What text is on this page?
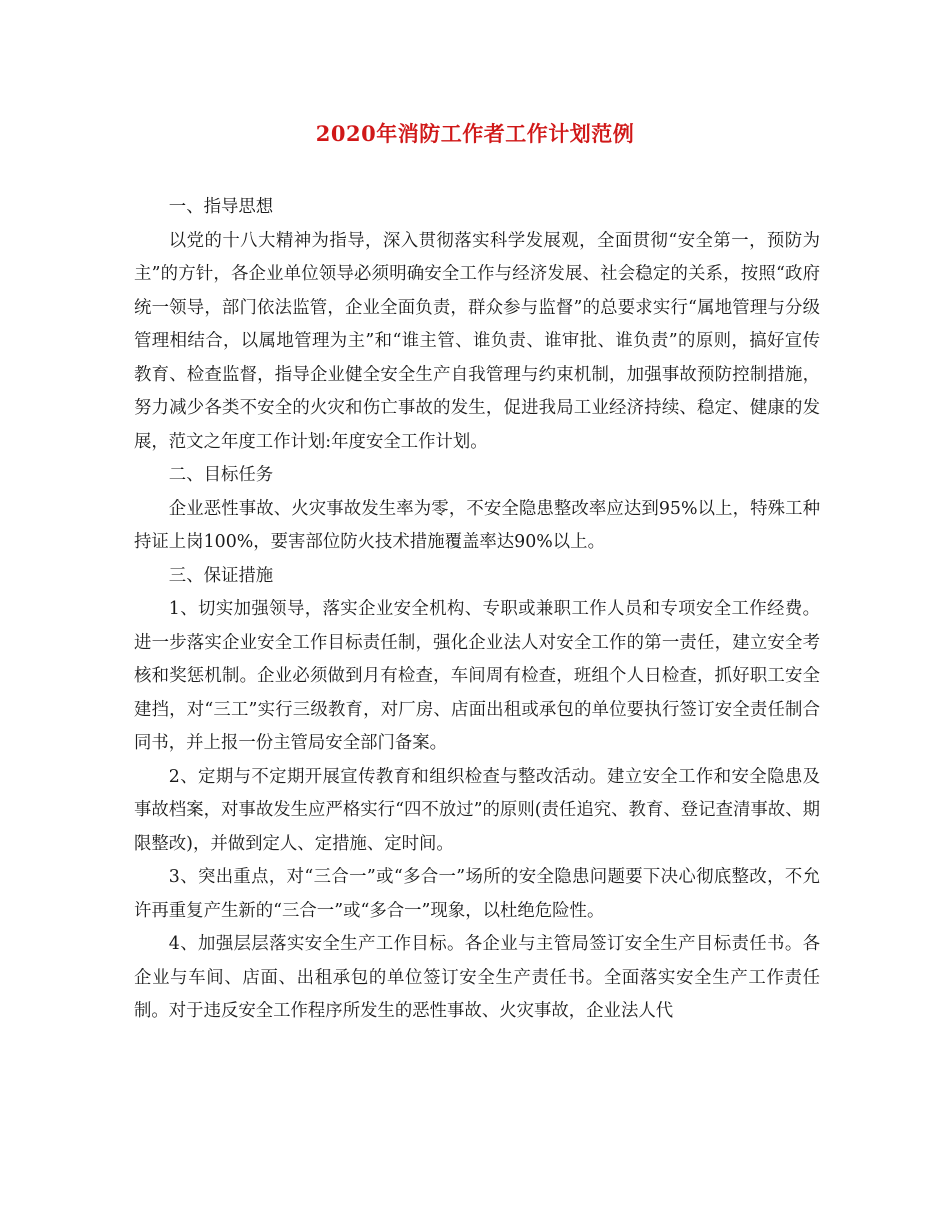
2020年消防工作者工作计划范例

一、指导思想

以党的十八大精神为指导，深入贯彻落实科学发展观，全面贯彻“安全第一，预防为主”的方针，各企业单位领导必须明确安全工作与经济发展、社会稳定的关系，按照“政府统一领导，部门依法监管，企业全面负责，群众参与监督”的总要求实行“属地管理与分级管理相结合，以属地管理为主”和“谁主管、谁负责、谁审批、谁负责”的原则，搞好宣传教育、检查监督，指导企业健全安全生产自我管理与约束机制，加强事故预防控制措施，努力减少各类不安全的火灾和伤亡事故的发生，促进我局工业经济持续、稳定、健康的发展，范文之年度工作计划:年度安全工作计划。

二、目标任务

企业恶性事故、火灾事故发生率为零，不安全隐患整改率应达到95%以上，特殊工种持证上岗100%，要害部位防火技术措施覆盖率达90%以上。

三、保证措施

1、切实加强领导，落实企业安全机构、专职或兼职工作人员和专项安全工作经费。进一步落实企业安全工作目标责任制，强化企业法人对安全工作的第一责任，建立安全考核和奖惩机制。企业必须做到月有检查，车间周有检查，班组个人日检查，抓好职工安全建挡，对“三工”实行三级教育，对厂房、店面出租或承包的单位要执行签订安全责任制合同书，并上报一份主管局安全部门备案。

2、定期与不定期开展宣传教育和组织检查与整改活动。建立安全工作和安全隐患及事故档案，对事故发生应严格实行“四不放过”的原则(责任追究、教育、登记查清事故、期限整改)，并做到定人、定措施、定时间。

3、突出重点，对“三合一”或“多合一”场所的安全隐患问题要下决心彻底整改，不允许再重复产生新的“三合一”或“多合一”现象，以杜绝危险性。

4、加强层层落实安全生产工作目标。各企业与主管局签订安全生产目标责任书。各企业与车间、店面、出租承包的单位签订安全生产责任书。全面落实安全生产工作责任制。对于违反安全工作程序所发生的恶性事故、火灾事故，企业法人代
